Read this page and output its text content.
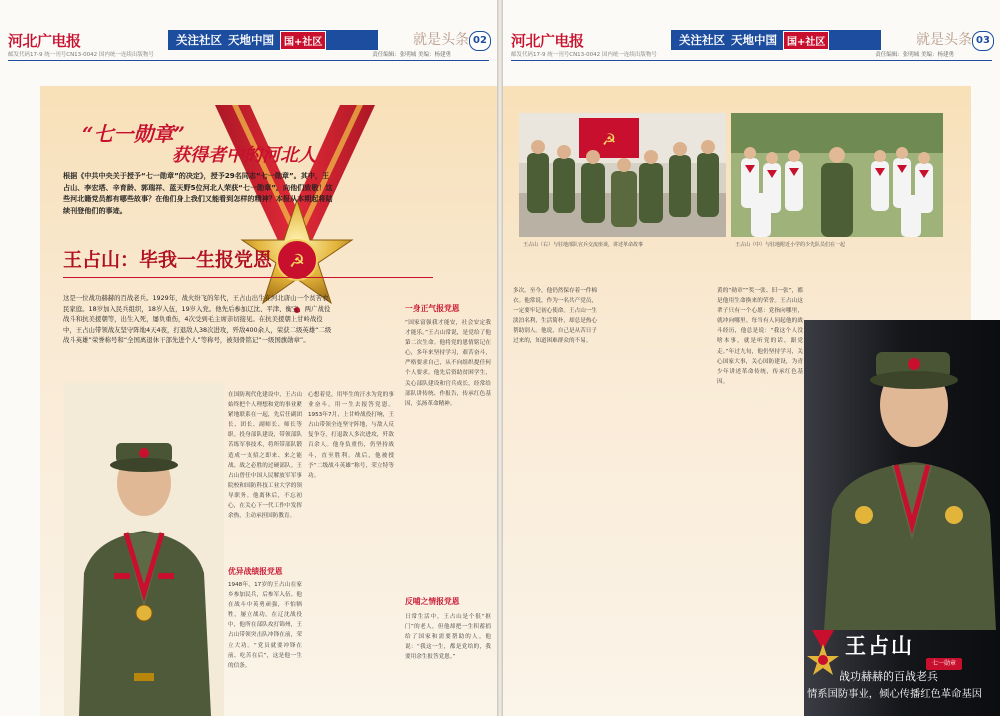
河北广电报
邮发代码17-9 统一刊号CN13-0042 国内统一连续出版物号
关注社区 天地中国	国+社区	就是头条 02
责任编辑：张明城 美编：杨建勇
☭
“七一勋章”
获得者中的河北人
根据《中共中央关于授予“七一勋章”的决定》，授予29名同志“七一勋章”。其中，王占山、李宏塔、辛育龄、郭瑞祥、蓝天野5位河北人荣获“七一勋章”。向他们致敬！这些河北籍党员都有哪些故事？在他们身上我们又能看到怎样的精神？本报从本期起将陆续刊登他们的事迹。
王占山：毕我一生报党恩
这是一位战功赫赫的百战老兵。1929年，战火纷飞的年代，王占山出生在河北唐山一个贫苦农民家庭。18岁加入民兵组织，18岁入伍，19岁入党。他先后参加辽沈、平津、衡宝、两广战役战斗和抗美援朝等，出生入死，屡负重伤，4次受到毛主席亲切接见。在抗美援朝上甘岭战役中，王占山带领战友坚守阵地4天4夜，打退敌人38次进攻，歼敌400余人，荣获二级英雄“二级战斗英雄”荣誉称号和“全国离退休干部先进个人”等称号，被刻骨铭记“一级国旗勋章”。
在国防现代化建设中，王占山始终把个人理想和党的事业紧紧地联系在一起，先后任副团长、团长、副师长、师长等职。投身部队建设，带领部队苦练军事技术，将所带部队锻造成一支招之即来、来之能战、战之必胜的过硬部队。王占山曾任中国人民解放军军事院校和国防科技工业大学的领导职务。他离休后，不忘初心，在关心下一代工作中发挥余热，主动承担国防教育。
优异战绩报党恩
1948年，17岁的王占山在家乡参加民兵，后参军入伍。他在战斗中英勇顽强，不怕牺牲，屡立战功。在辽沈战役中，他所在部队攻打锦州，王占山带领突击队冲锋在前，荣立大功。“党员就要冲锋在前、吃苦在后”，这是他一生的信条。
心想着党，用毕生的汗水为党的事业奋斗，用一生去报答党恩。1953年7月，上甘岭战役打响，王占山带领全连坚守阵地，与敌人反复争夺，打退敌人多次进攻，歼敌百余人。他身负重伤，仍坚持战斗，直至胜利。战后，他被授予“二级战斗英雄”称号，荣立特等功。
一身正气报党恩
“国家富强我才能安，社会安定我才能乐。”王占山常说，是党给了他第二次生命。他将党的恩情铭记在心，多年来坚持学习，艰苦奋斗，严格要求自己，从不向组织提任何个人要求。他先后资助贫困学生，关心部队建设和官兵成长，经常给部队讲传统、作报告，传承红色基因，弘扬革命精神。
反哺之情报党恩
日常生活中，王占山是个很“抠门”的老人，但他却把一生积蓄捐给了国家和需要帮助的人。他说：“我这一生，都是党给的，我要用余生报答党恩。”
河北广电报
邮发代码17-9 统一刊号CN13-0042 国内统一连续出版物号
关注社区 天地中国	国+社区	就是头条 03
责任编辑：张明城 美编：杨建勇
☭
王占山（右）与驻地部队官兵交流座谈，讲述革命故事	王占山（中）与驻地附近小学的少先队员们在一起
多次。至今，他仍然保存着一件棉衣。他常说，作为一名共产党员，一定要牢记初心使命。王占山一生淡泊名利，生活简朴，却总是热心帮助别人。他说，自己是从苦日子过来的，知道困难群众的不易。
黄的“勋章”“奖一张、旧一张”，都是他用生命换来的荣誉。王占山这辈子只有一个心愿：党指向哪里，就冲向哪里。每当有人问起他的战斗经历，他总是说：“我这个人没啥本事，就是听党的话，跟党走。”年过九旬，他仍坚持学习，关心国家大事，关心国防建设，为青少年讲述革命传统，传承红色基因。
王占山
七一勋章
战功赫赫的百战老兵
情系国防事业，倾心传播红色革命基因
